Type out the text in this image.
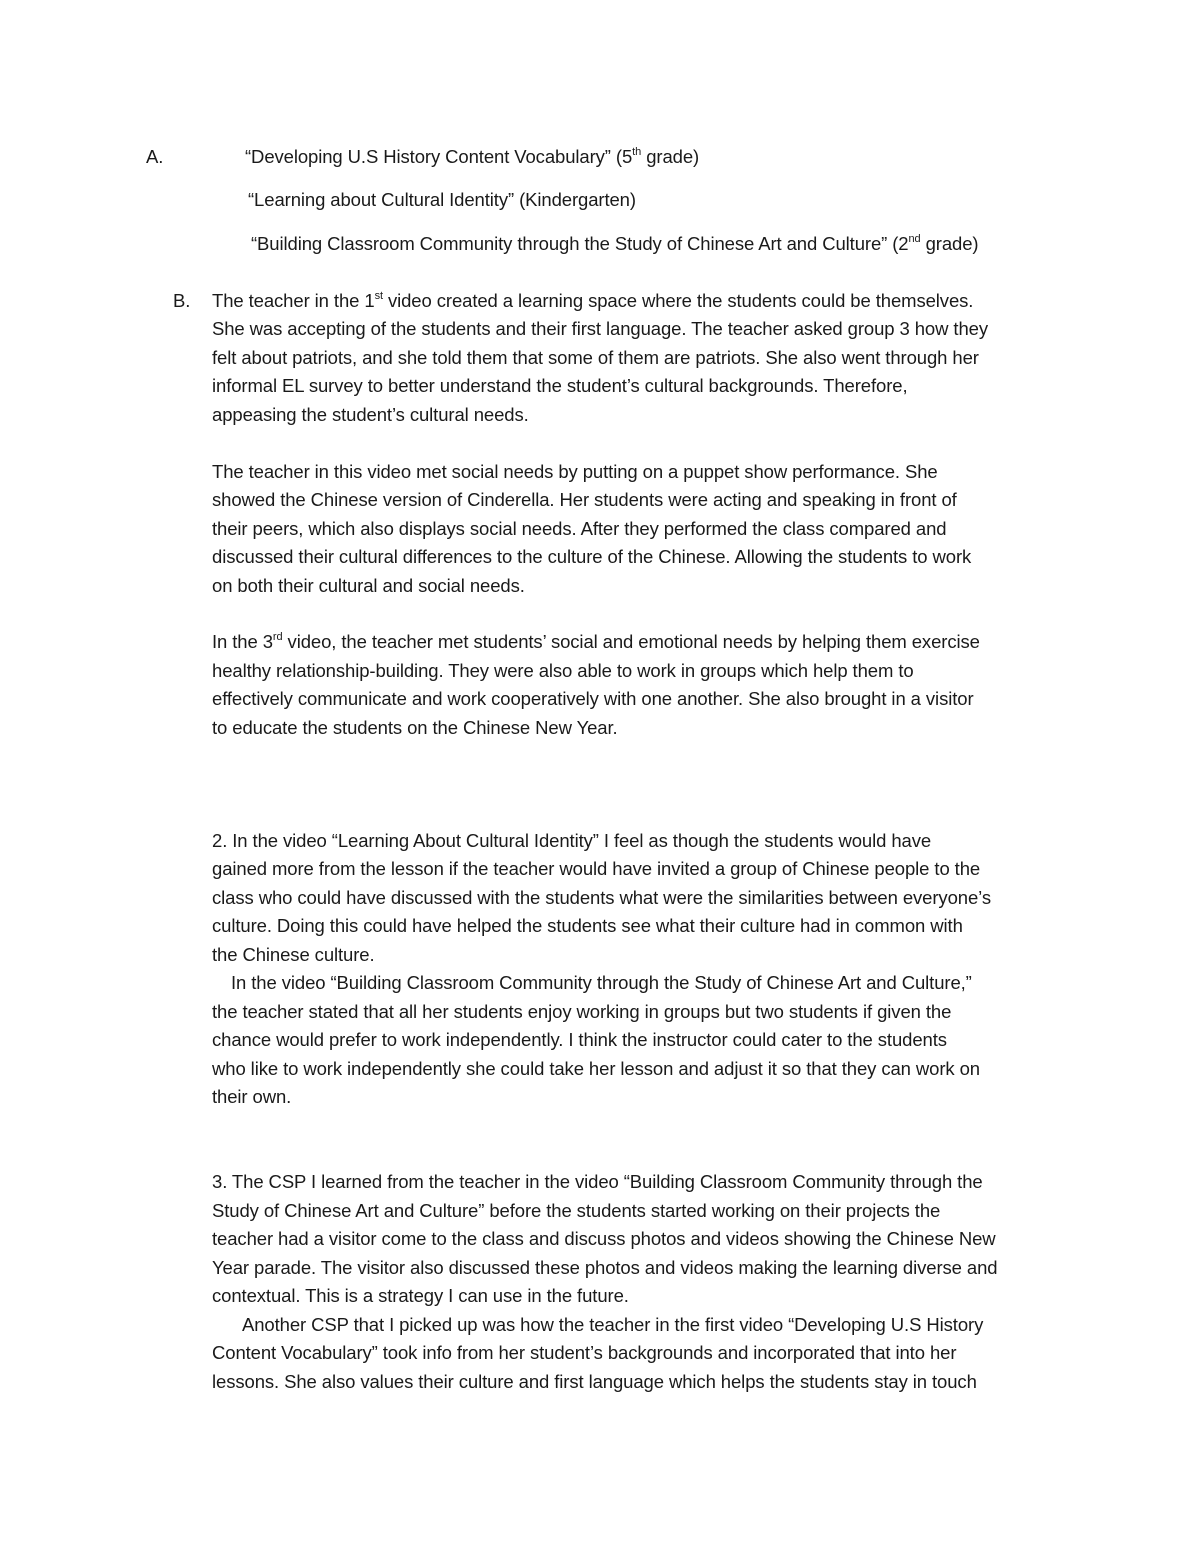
A.	“Developing U.S History Content Vocabulary” (5th grade)
“Learning about Cultural Identity” (Kindergarten)
“Building Classroom Community through the Study of Chinese Art and Culture” (2nd grade)
B. The teacher in the 1st video created a learning space where the students could be themselves.
She was accepting of the students and their first language. The teacher asked group 3 how they
felt about patriots, and she told them that some of them are patriots. She also went through her
informal EL survey to better understand the student’s cultural backgrounds. Therefore,
appeasing the student’s cultural needs.
The teacher in this video met social needs by putting on a puppet show performance. She
showed the Chinese version of Cinderella. Her students were acting and speaking in front of
their peers, which also displays social needs. After they performed the class compared and
discussed their cultural differences to the culture of the Chinese. Allowing the students to work
on both their cultural and social needs.
In the 3rd video, the teacher met students’ social and emotional needs by helping them exercise
healthy relationship-building. They were also able to work in groups which help them to
effectively communicate and work cooperatively with one another. She also brought in a visitor
to educate the students on the Chinese New Year.
2. In the video “Learning About Cultural Identity” I feel as though the students would have
gained more from the lesson if the teacher would have invited a group of Chinese people to the
class who could have discussed with the students what were the similarities between everyone’s
culture. Doing this could have helped the students see what their culture had in common with
the Chinese culture.
In the video “Building Classroom Community through the Study of Chinese Art and Culture,”
the teacher stated that all her students enjoy working in groups but two students if given the
chance would prefer to work independently. I think the instructor could cater to the students
who like to work independently she could take her lesson and adjust it so that they can work on
their own.
3. The CSP I learned from the teacher in the video “Building Classroom Community through the
Study of Chinese Art and Culture” before the students started working on their projects the
teacher had a visitor come to the class and discuss photos and videos showing the Chinese New
Year parade. The visitor also discussed these photos and videos making the learning diverse and
contextual. This is a strategy I can use in the future.
Another CSP that I picked up was how the teacher in the first video “Developing U.S History
Content Vocabulary” took info from her student’s backgrounds and incorporated that into her
lessons. She also values their culture and first language which helps the students stay in touch
